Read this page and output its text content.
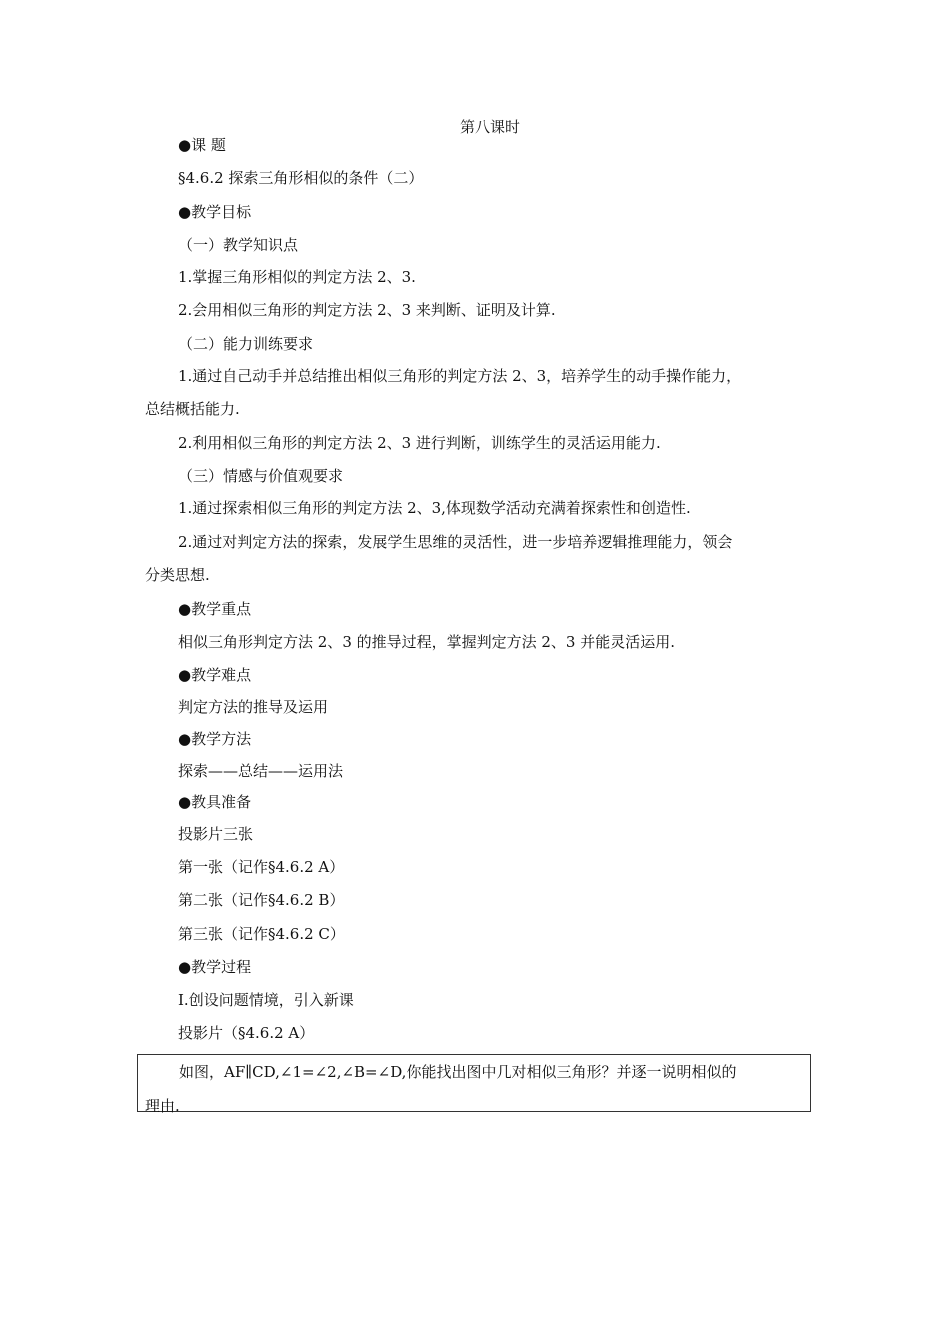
第八课时

●课 题

§4.6.2 探索三角形相似的条件（二）

●教学目标

（一）教学知识点

1.掌握三角形相似的判定方法 2、3.

2.会用相似三角形的判定方法 2、3 来判断、证明及计算.

（二）能力训练要求

1.通过自己动手并总结推出相似三角形的判定方法 2、3，培养学生的动手操作能力，

总结概括能力.

2.利用相似三角形的判定方法 2、3 进行判断，训练学生的灵活运用能力.

（三）情感与价值观要求

1.通过探索相似三角形的判定方法 2、3,体现数学活动充满着探索性和创造性.

2.通过对判定方法的探索，发展学生思维的灵活性，进一步培养逻辑推理能力，领会

分类思想.

●教学重点

相似三角形判定方法 2、3 的推导过程，掌握判定方法 2、3 并能灵活运用.

●教学难点

判定方法的推导及运用

●教学方法

探索——总结——运用法

●教具准备

投影片三张

第一张（记作§4.6.2 A）

第二张（记作§4.6.2 B）

第三张（记作§4.6.2 C）

●教学过程

Ⅰ.创设问题情境，引入新课

投影片（§4.6.2 A）

如图，AF∥CD,∠1=∠2,∠B=∠D,你能找出图中几对相似三角形？并逐一说明相似的

理由.
